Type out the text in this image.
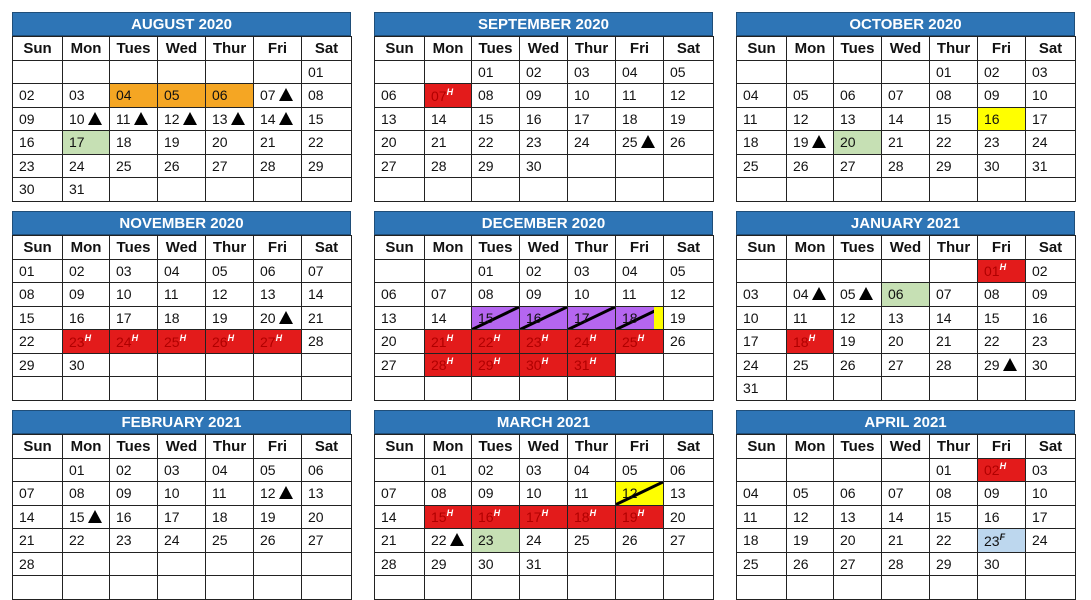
AUGUST 2020
Sun	Mon	Tues	Wed	Thur	Fri	Sat
						01
02	03	04	05	06	07	08
09	10	11	12	13	14	15
16	17	18	19	20	21	22
23	24	25	26	27	28	29
30	31					
SEPTEMBER 2020
Sun	Mon	Tues	Wed	Thur	Fri	Sat
		01	02	03	04	05
06	$07^H$	08	09	10	11	12
13	14	15	16	17	18	19
20	21	22	23	24	25	26
27	28	29	30			

OCTOBER 2020
Sun	Mon	Tues	Wed	Thur	Fri	Sat
				01	02	03
04	05	06	07	08	09	10
11	12	13	14	15	16	17
18	19	20	21	22	23	24
25	26	27	28	29	30	31

NOVEMBER 2020
Sun	Mon	Tues	Wed	Thur	Fri	Sat
01	02	03	04	05	06	07
08	09	10	11	12	13	14
15	16	17	18	19	20	21
22	$23^H$	$24^H$	$25^H$	$26^H$	$27^H$	28
29	30					

DECEMBER 2020
Sun	Mon	Tues	Wed	Thur	Fri	Sat
		01	02	03	04	05
06	07	08	09	10	11	12
13	14	15	16	17	18	19
20	$21^H$	$22^H$	$23^H$	$24^H$	$25^H$	26
27	$28^H$	$29^H$	$30^H$	$31^H$		

JANUARY 2021
Sun	Mon	Tues	Wed	Thur	Fri	Sat
					$01^H$	02
03	04	05	06	07	08	09
10	11	12	13	14	15	16
17	$18^H$	19	20	21	22	23
24	25	26	27	28	29	30
31						
FEBRUARY 2021
Sun	Mon	Tues	Wed	Thur	Fri	Sat
	01	02	03	04	05	06
07	08	09	10	11	12	13
14	15	16	17	18	19	20
21	22	23	24	25	26	27
28						

MARCH 2021
Sun	Mon	Tues	Wed	Thur	Fri	Sat
	01	02	03	04	05	06
07	08	09	10	11	12	13
14	$15^H$	$16^H$	$17^H$	$18^H$	$19^H$	20
21	22	23	24	25	26	27
28	29	30	31			

APRIL 2021
Sun	Mon	Tues	Wed	Thur	Fri	Sat
				01	$02^H$	03
04	05	06	07	08	09	10
11	12	13	14	15	16	17
18	19	20	21	22	$23^F$	24
25	26	27	28	29	30	
